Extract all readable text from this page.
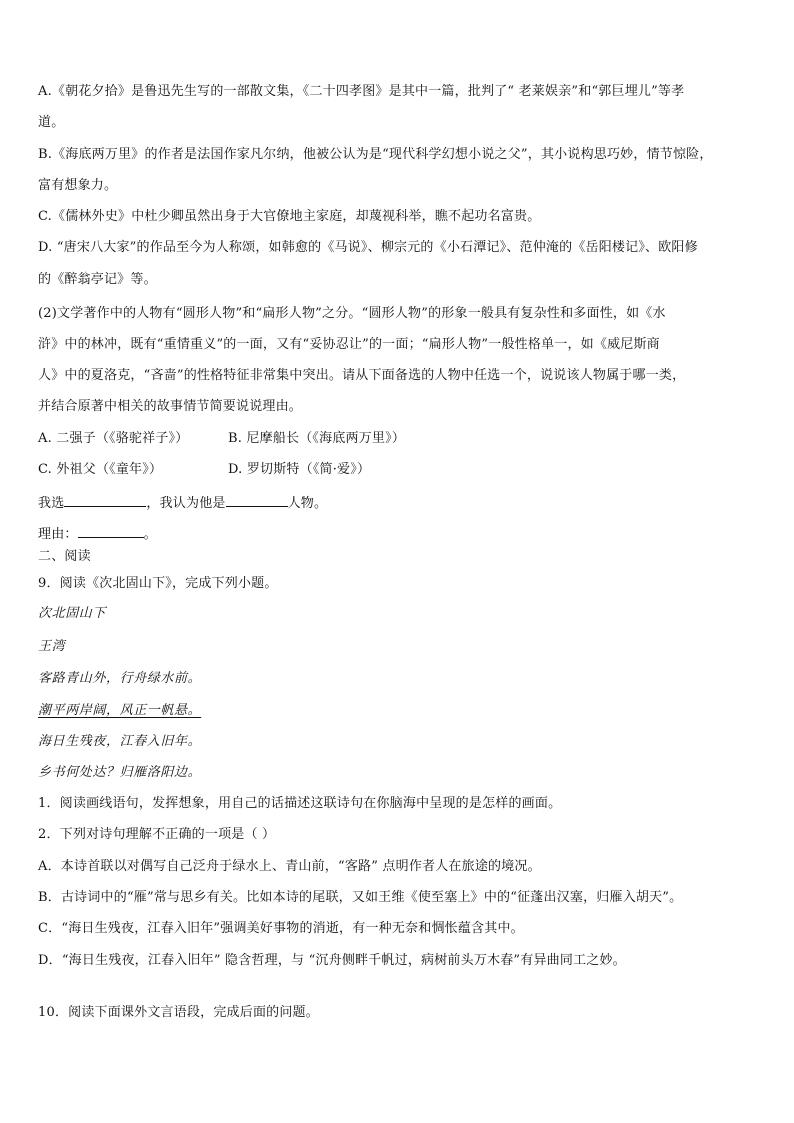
A.《朝花夕拾》是鲁迅先生写的一部散文集，《二十四孝图》是其中一篇，批判了“ 老莱娱亲”和“郭巨埋儿”等孝
道。
B.《海底两万里》的作者是法国作家凡尔纳，他被公认为是“现代科学幻想小说之父”，其小说构思巧妙，情节惊险，
富有想象力。
C.《儒林外史》中杜少卿虽然出身于大官僚地主家庭，却蔑视科举，瞧不起功名富贵。
D. “唐宋八大家”的作品至今为人称颂，如韩愈的《马说》、柳宗元的《小石潭记》、范仲淹的《岳阳楼记》、欧阳修
的《醉翁亭记》等。
(2)文学著作中的人物有“圆形人物”和“扁形人物”之分。“圆形人物”的形象一般具有复杂性和多面性，如《水
浒》中的林冲，既有“重情重义”的一面，又有“妥协忍让”的一面；“扁形人物”一般性格单一，如《威尼斯商
人》中的夏洛克，“吝啬”的性格特征非常集中突出。请从下面备选的人物中任选一个，说说该人物属于哪一类，
并结合原著中相关的故事情节简要说说理由。
A. 二强子（《骆驼祥子》）	B. 尼摩船长（《海底两万里》）
C. 外祖父（《童年》）	D. 罗切斯特（《简·爱》）
我选	，我认为他是	人物。
理由：	。
二、阅读
9．阅读《次北固山下》，完成下列小题。
次北固山下
王湾
客路青山外，行舟绿水前。
潮平两岸阔，风正一帆悬。
海日生残夜，江春入旧年。
乡书何处达？归雁洛阳边。
1．阅读画线语句，发挥想象，用自己的话描述这联诗句在你脑海中呈现的是怎样的画面。
2．下列对诗句理解不正确的一项是（ ）
A．本诗首联以对偶写自己泛舟于绿水上、青山前，“客路” 点明作者人在旅途的境况。
B．古诗词中的“雁”常与思乡有关。比如本诗的尾联，又如王维《使至塞上》中的“征蓬出汉塞，归雁入胡天”。
C．“海日生残夜，江春入旧年”强调美好事物的消逝，有一种无奈和惆怅蕴含其中。
D．“海日生残夜，江春入旧年” 隐含哲理，与 “沉舟侧畔千帆过，病树前头万木春”有异曲同工之妙。
10．阅读下面课外文言语段，完成后面的问题。
